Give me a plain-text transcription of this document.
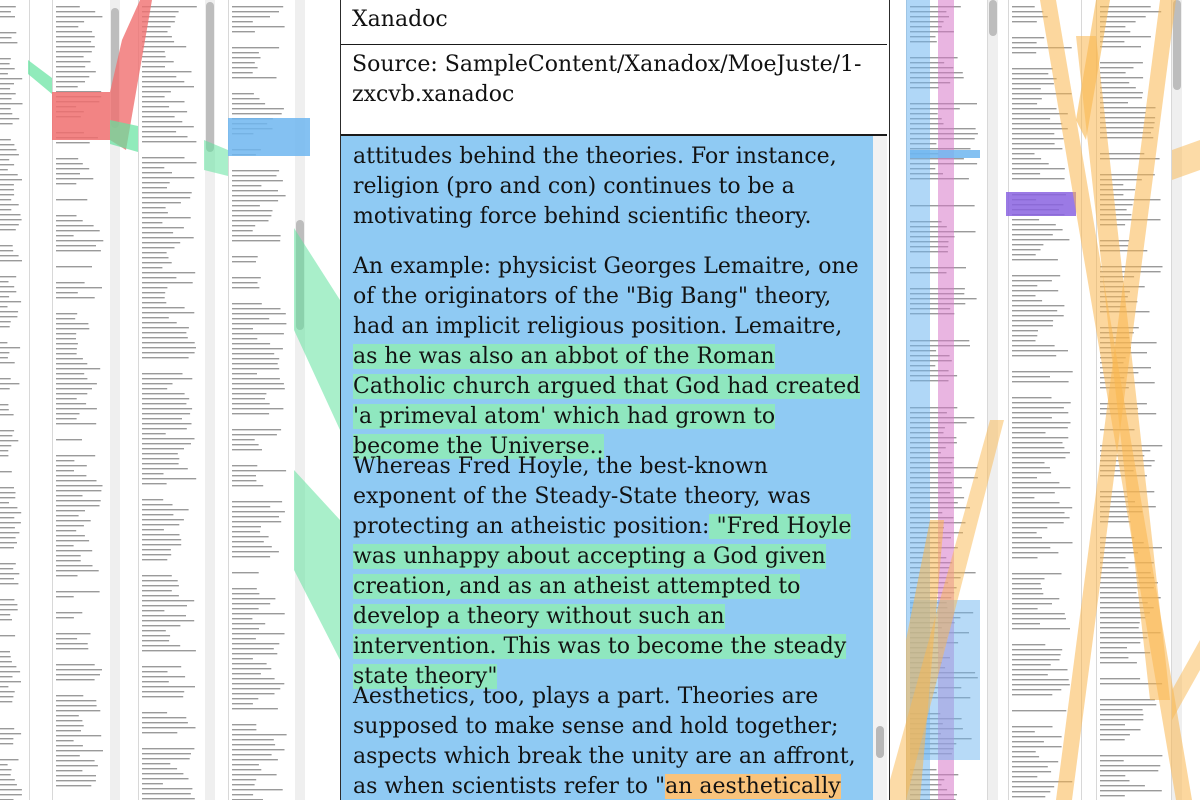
Xanadoc
Source: SampleContent/Xanadox/MoeJuste/1-zxcvb.xanadoc

attitudes behind the theories. For instance, religion (pro and con) continues to be a motivating force behind scientific theory.

An example: physicist Georges Lemaitre, one of the originators of the "Big Bang" theory, had an implicit religious position. Lemaitre, as he was also an abbot of the Roman Catholic church argued that God had created 'a primeval atom' which had grown to become the Universe..

Whereas Fred Hoyle, the best-known exponent of the Steady-State theory, was protecting an atheistic position: "Fred Hoyle was unhappy about accepting a God given creation, and as an atheist attempted to develop a theory without such an intervention. This was to become the steady state theory"

Aesthetics, too, plays a part. Theories are supposed to make sense and hold together; aspects which break the unity are an affront, as when scientists refer to "an aesthetically
